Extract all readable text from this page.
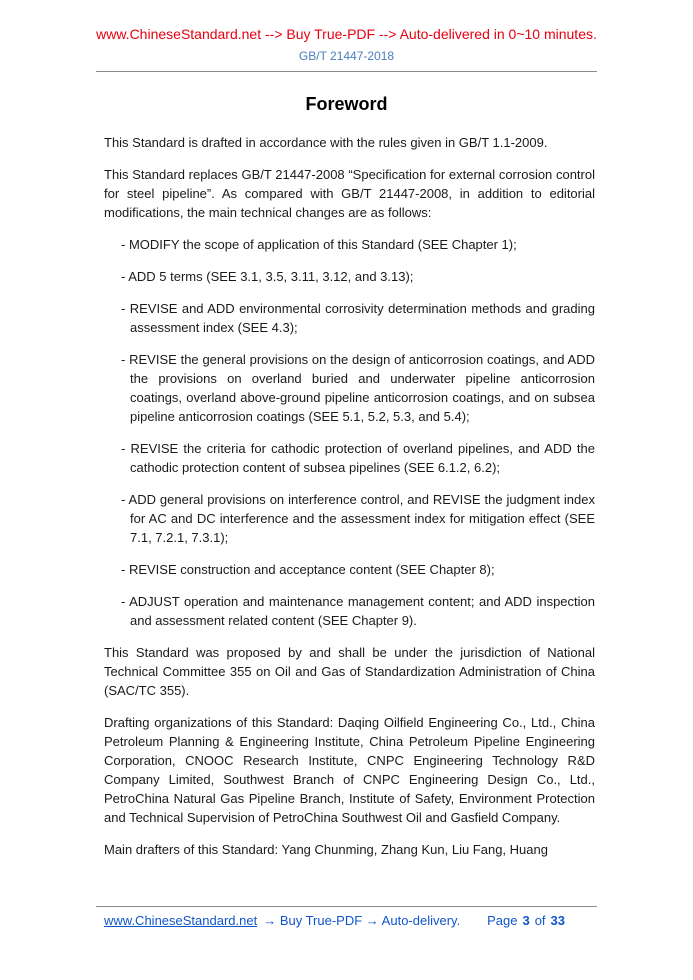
www.ChineseStandard.net --> Buy True-PDF --> Auto-delivered in 0~10 minutes.
GB/T 21447-2018
Foreword

This Standard is drafted in accordance with the rules given in GB/T 1.1-2009.

This Standard replaces GB/T 21447-2008 “Specification for external corrosion control for steel pipeline”. As compared with GB/T 21447-2008, in addition to editorial modifications, the main technical changes are as follows:

- MODIFY the scope of application of this Standard (SEE Chapter 1);

- ADD 5 terms (SEE 3.1, 3.5, 3.11, 3.12, and 3.13);

- REVISE and ADD environmental corrosivity determination methods and grading assessment index (SEE 4.3);

- REVISE the general provisions on the design of anticorrosion coatings, and ADD the provisions on overland buried and underwater pipeline anticorrosion coatings, overland above-ground pipeline anticorrosion coatings, and on subsea pipeline anticorrosion coatings (SEE 5.1, 5.2, 5.3, and 5.4);

- REVISE the criteria for cathodic protection of overland pipelines, and ADD the cathodic protection content of subsea pipelines (SEE 6.1.2, 6.2);

- ADD general provisions on interference control, and REVISE the judgment index for AC and DC interference and the assessment index for mitigation effect (SEE 7.1, 7.2.1, 7.3.1);

- REVISE construction and acceptance content (SEE Chapter 8);

- ADJUST operation and maintenance management content; and ADD inspection and assessment related content (SEE Chapter 9).

This Standard was proposed by and shall be under the jurisdiction of National Technical Committee 355 on Oil and Gas of Standardization Administration of China (SAC/TC 355).

Drafting organizations of this Standard: Daqing Oilfield Engineering Co., Ltd., China Petroleum Planning & Engineering Institute, China Petroleum Pipeline Engineering Corporation, CNOOC Research Institute, CNPC Engineering Technology R&D Company Limited, Southwest Branch of CNPC Engineering Design Co., Ltd., PetroChina Natural Gas Pipeline Branch, Institute of Safety, Environment Protection and Technical Supervision of PetroChina Southwest Oil and Gasfield Company.

Main drafters of this Standard: Yang Chunming, Zhang Kun, Liu Fang, Huang

www.ChineseStandard.net → Buy True-PDF → Auto-delivery. Page 3 of 33
